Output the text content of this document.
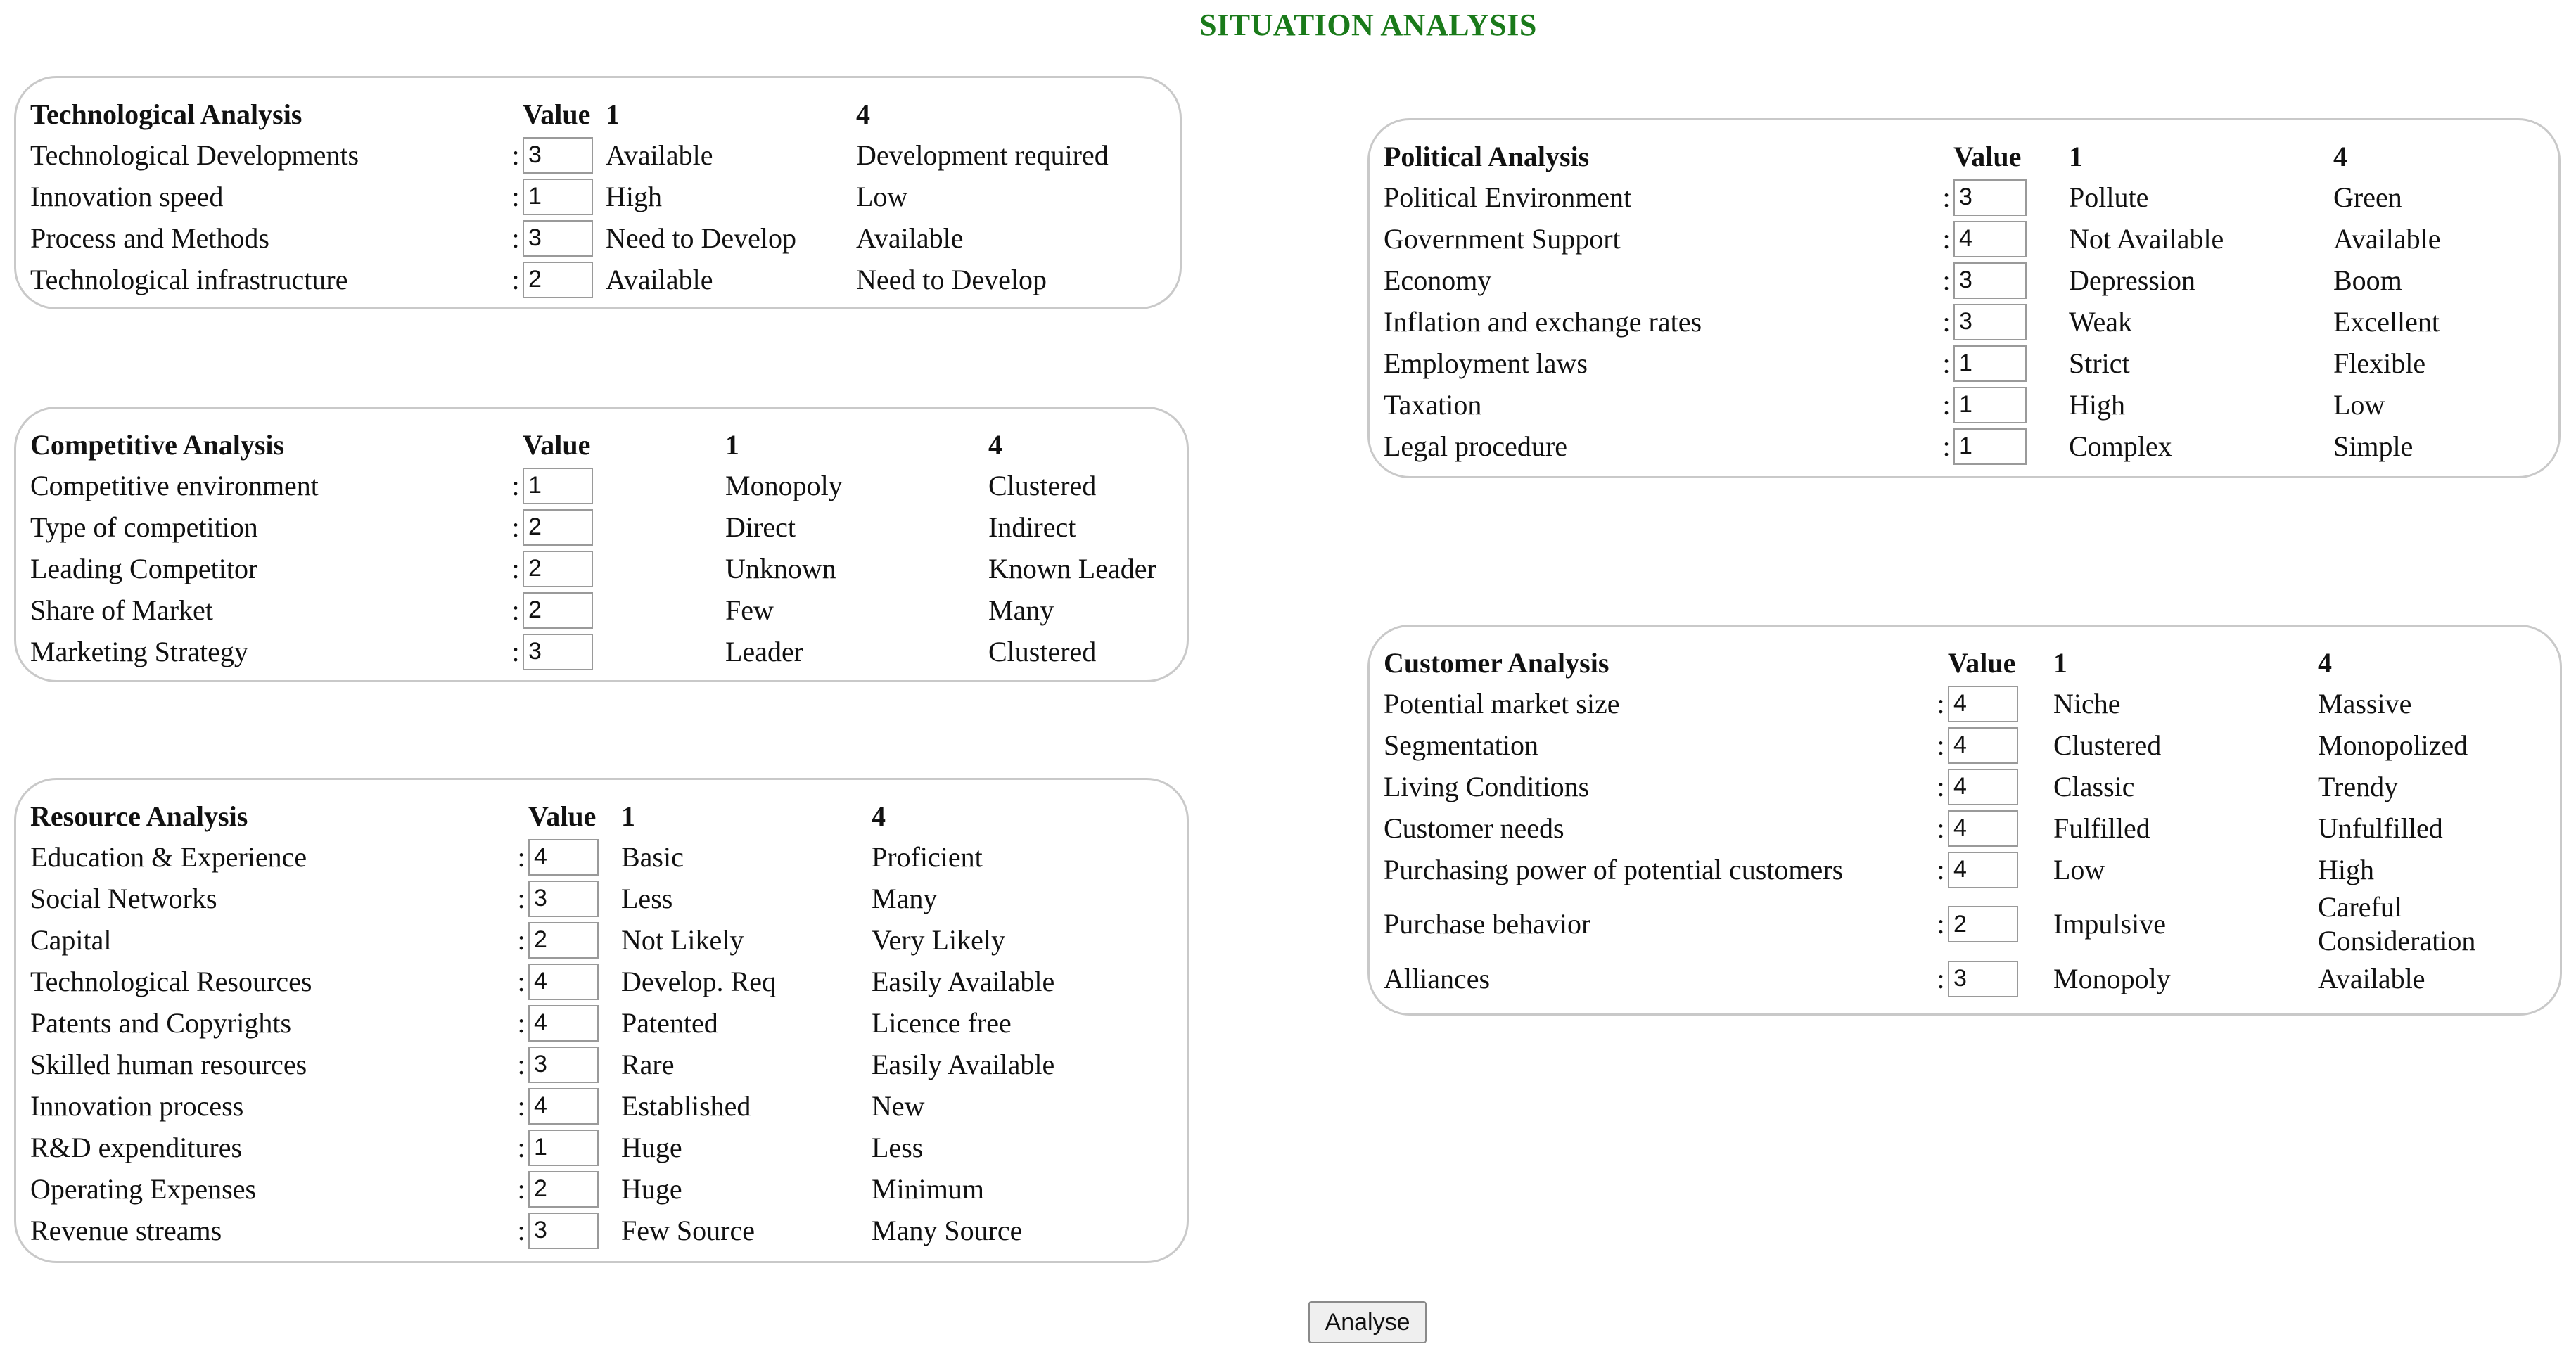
SITUATION ANALYSIS
Technological Analysis		Value	1	4
Technological Developments	:	3	Available	Development required
Innovation speed	:	1	High	Low
Process and Methods	:	3	Need to Develop	Available
Technological infrastructure	:	2	Available	Need to Develop
Competitive Analysis		Value	1	4
Competitive environment	:	1	Monopoly	Clustered
Type of competition	:	2	Direct	Indirect
Leading Competitor	:	2	Unknown	Known Leader
Share of Market	:	2	Few	Many
Marketing Strategy	:	3	Leader	Clustered
Resource Analysis		Value	1	4
Education & Experience	:	4	Basic	Proficient
Social Networks	:	3	Less	Many
Capital	:	2	Not Likely	Very Likely
Technological Resources	:	4	Develop. Req	Easily Available
Patents and Copyrights	:	4	Patented	Licence free
Skilled human resources	:	3	Rare	Easily Available
Innovation process	:	4	Established	New
R&D expenditures	:	1	Huge	Less
Operating Expenses	:	2	Huge	Minimum
Revenue streams	:	3	Few Source	Many Source
Political Analysis		Value	1	4
Political Environment	:	3	Pollute	Green
Government Support	:	4	Not Available	Available
Economy	:	3	Depression	Boom
Inflation and exchange rates	:	3	Weak	Excellent
Employment laws	:	1	Strict	Flexible
Taxation	:	1	High	Low
Legal procedure	:	1	Complex	Simple
Customer Analysis		Value	1	4
Potential market size	:	4	Niche	Massive
Segmentation	:	4	Clustered	Monopolized
Living Conditions	:	4	Classic	Trendy
Customer needs	:	4	Fulfilled	Unfulfilled
Purchasing power of potential customers	:	4	Low	High
Purchase behavior	:	2	Impulsive	Careful Consideration
Alliances	:	3	Monopoly	Available
Analyse
